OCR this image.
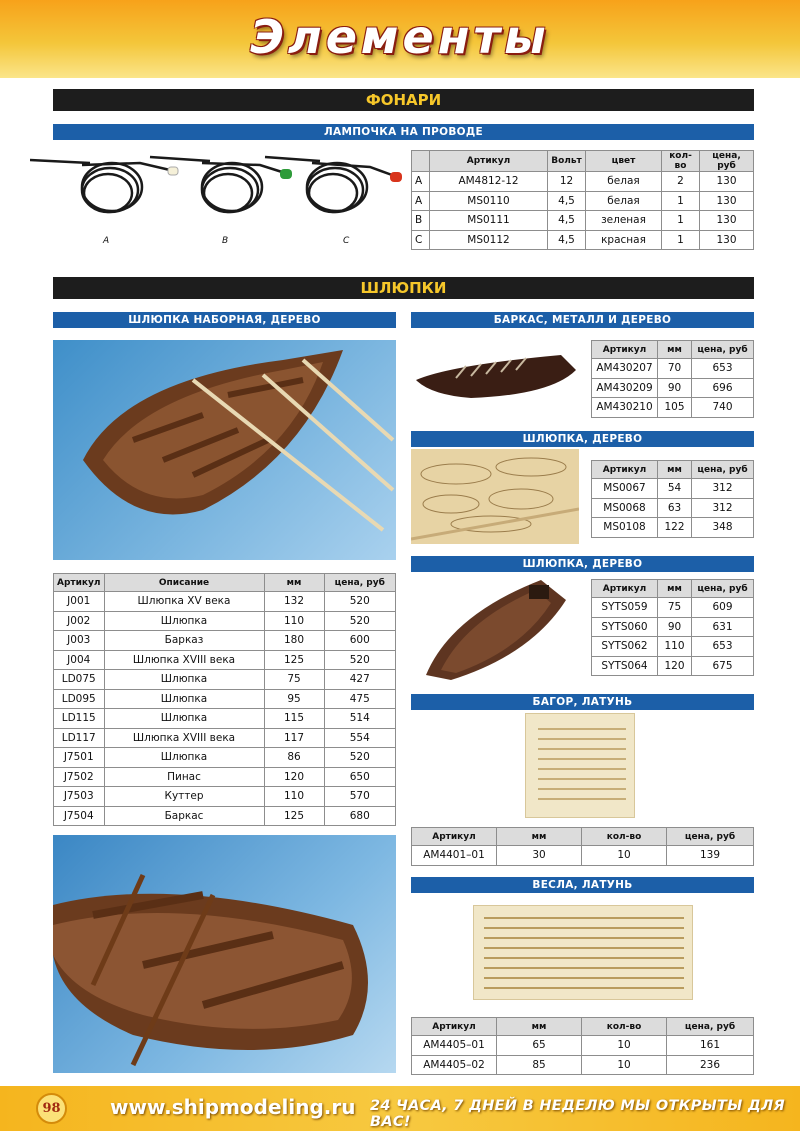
Элементы
ФОНАРИ
ЛАМПОЧКА НА ПРОВОДЕ
A	B	C
	Артикул	Вольт	цвет	кол-во	цена, руб
A	AM4812-12	12	белая	2	130
A	MS0110	4,5	белая	1	130
B	MS0111	4,5	зеленая	1	130
C	MS0112	4,5	красная	1	130
ШЛЮПКИ
ШЛЮПКА НАБОРНАЯ, ДЕРЕВО
Артикул	Описание	мм	цена, руб
J001	Шлюпка XV века	132	520
J002	Шлюпка	110	520
J003	Барказ	180	600
J004	Шлюпка XVIII века	125	520
LD075	Шлюпка	75	427
LD095	Шлюпка	95	475
LD115	Шлюпка	115	514
LD117	Шлюпка XVIII века	117	554
J7501	Шлюпка	86	520
J7502	Пинас	120	650
J7503	Куттер	110	570
J7504	Баркас	125	680
БАРКАС, МЕТАЛЛ И ДЕРЕВО
Артикул	мм	цена, руб
AM430207	70	653
AM430209	90	696
AM430210	105	740
ШЛЮПКА, ДЕРЕВО
Артикул	мм	цена, руб
MS0067	54	312
MS0068	63	312
MS0108	122	348
ШЛЮПКА, ДЕРЕВО
Артикул	мм	цена, руб
SYTS059	75	609
SYTS060	90	631
SYTS062	110	653
SYTS064	120	675
БАГОР, ЛАТУНЬ
Артикул	мм	кол-во	цена, руб
AM4401–01	30	10	139
ВЕСЛА, ЛАТУНЬ
Артикул	мм	кол-во	цена, руб
AM4405–01	65	10	161
AM4405–02	85	10	236
98	www.shipmodeling.ru 24 ЧАСА, 7 ДНЕЙ В НЕДЕЛЮ МЫ ОТКРЫТЫ ДЛЯ ВАС!
